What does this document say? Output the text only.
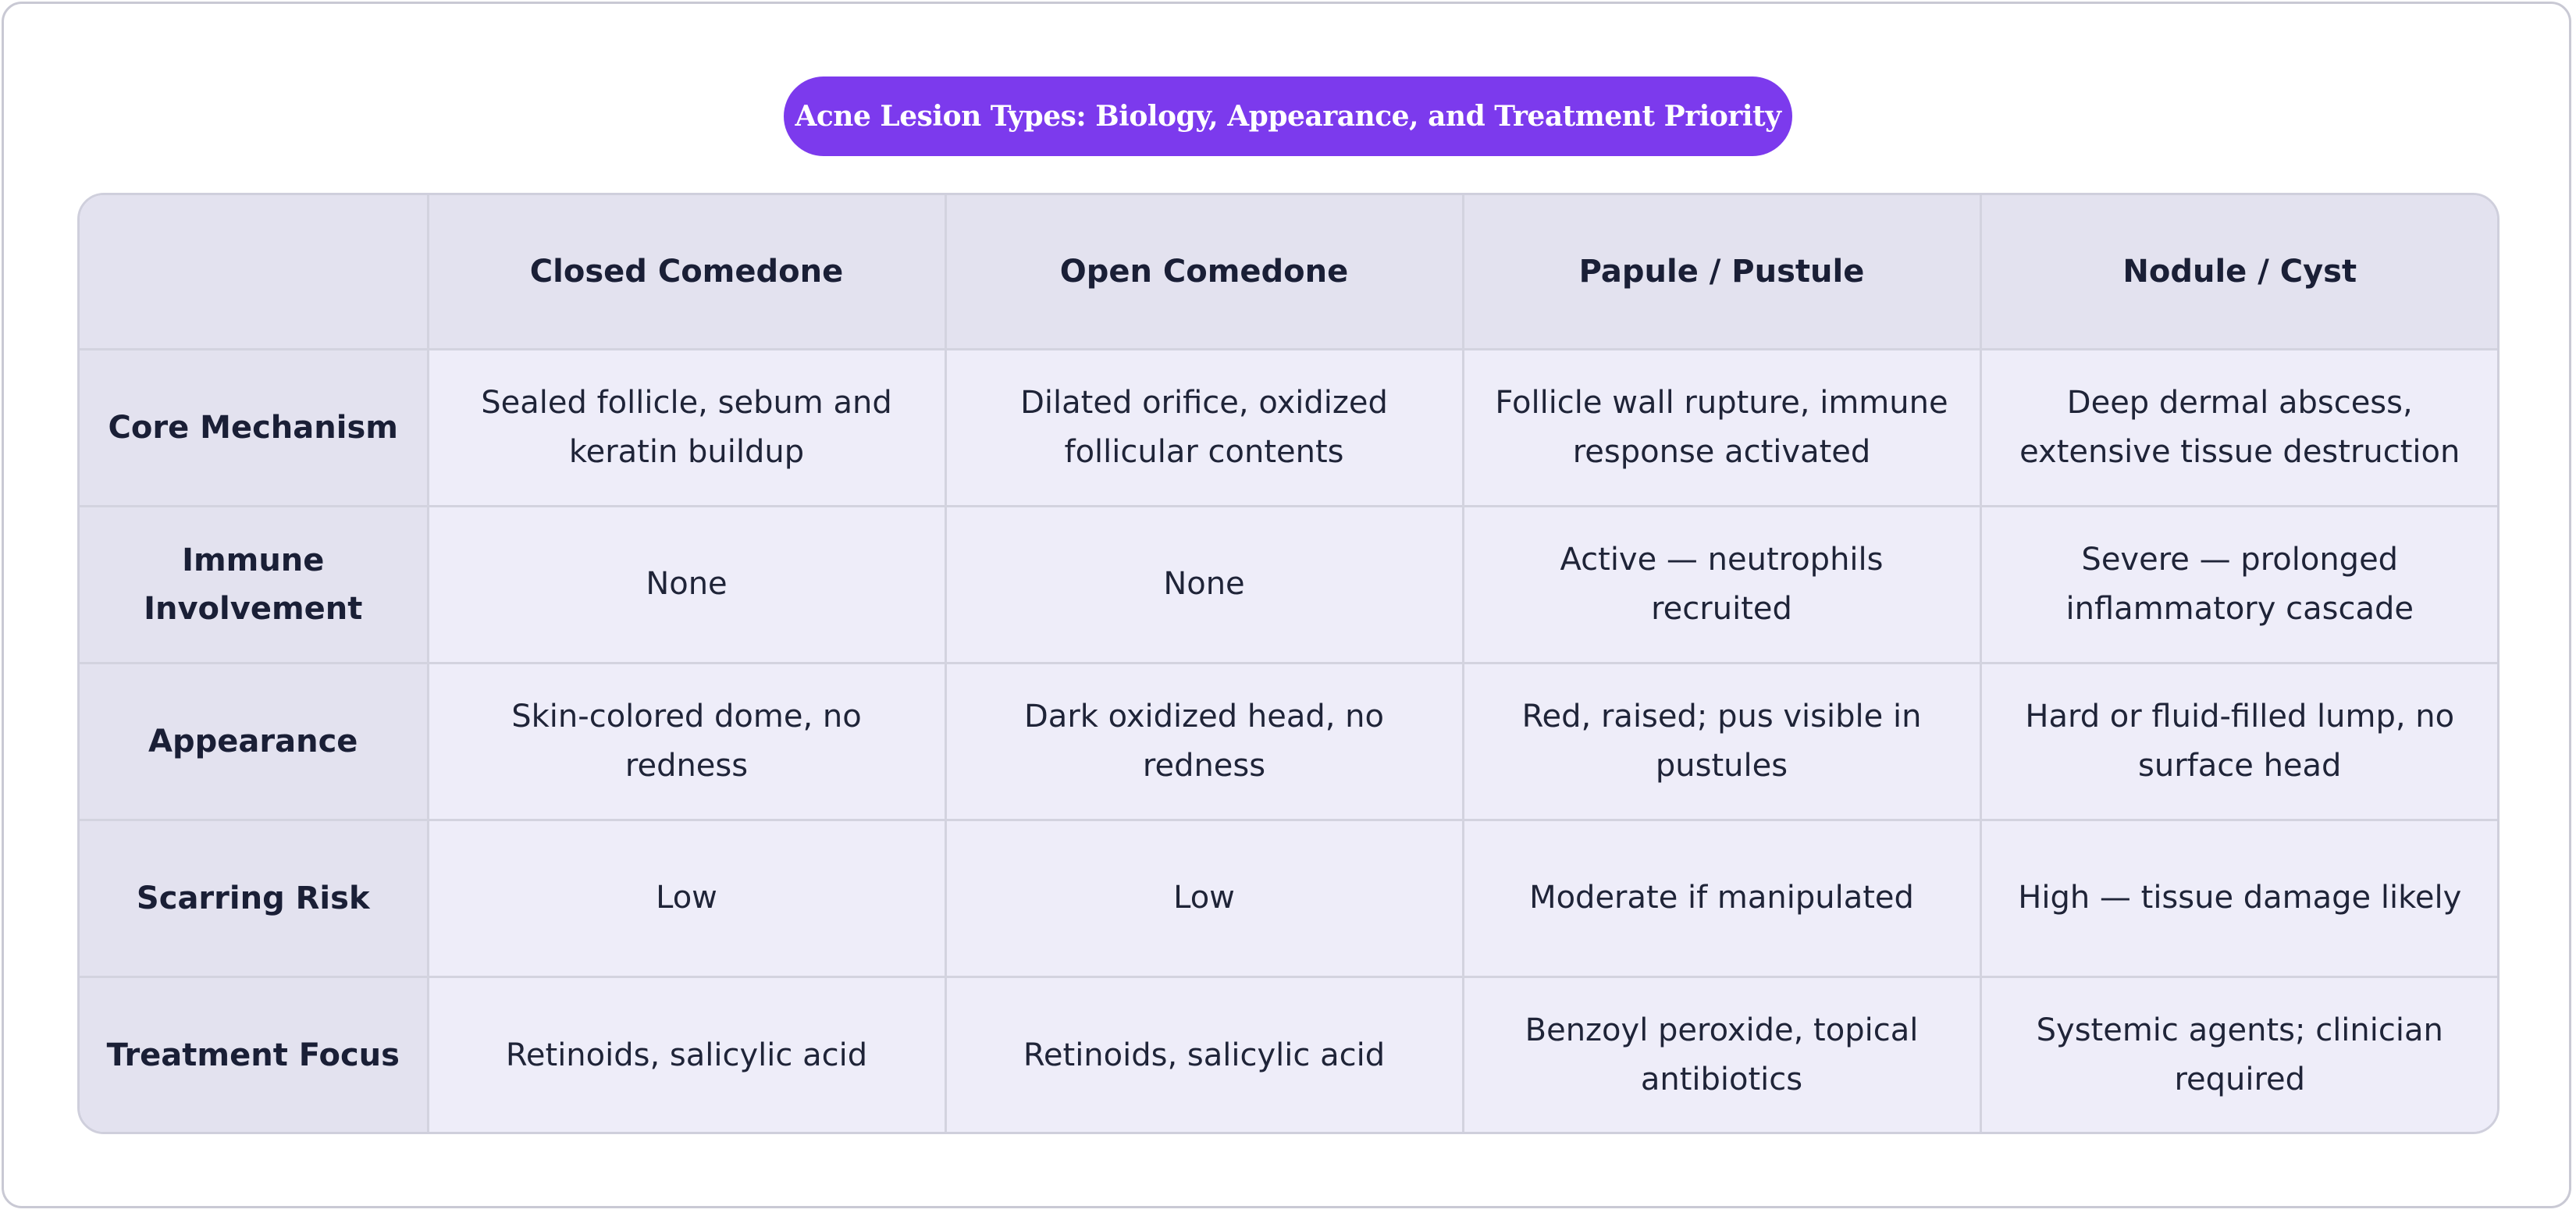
Acne Lesion Types: Biology, Appearance, and Treatment Priority
	Closed Comedone	Open Comedone	Papule / Pustule	Nodule / Cyst
Core Mechanism	Sealed follicle, sebum and keratin buildup	Dilated orifice, oxidized follicular contents	Follicle wall rupture, immune response activated	Deep dermal abscess, extensive tissue destruction
Immune Involvement	None	None	Active — neutrophils recruited	Severe — prolonged inflammatory cascade
Appearance	Skin-colored dome, no redness	Dark oxidized head, no redness	Red, raised; pus visible in pustules	Hard or fluid-filled lump, no surface head
Scarring Risk	Low	Low	Moderate if manipulated	High — tissue damage likely
Treatment Focus	Retinoids, salicylic acid	Retinoids, salicylic acid	Benzoyl peroxide, topical antibiotics	Systemic agents; clinician required
